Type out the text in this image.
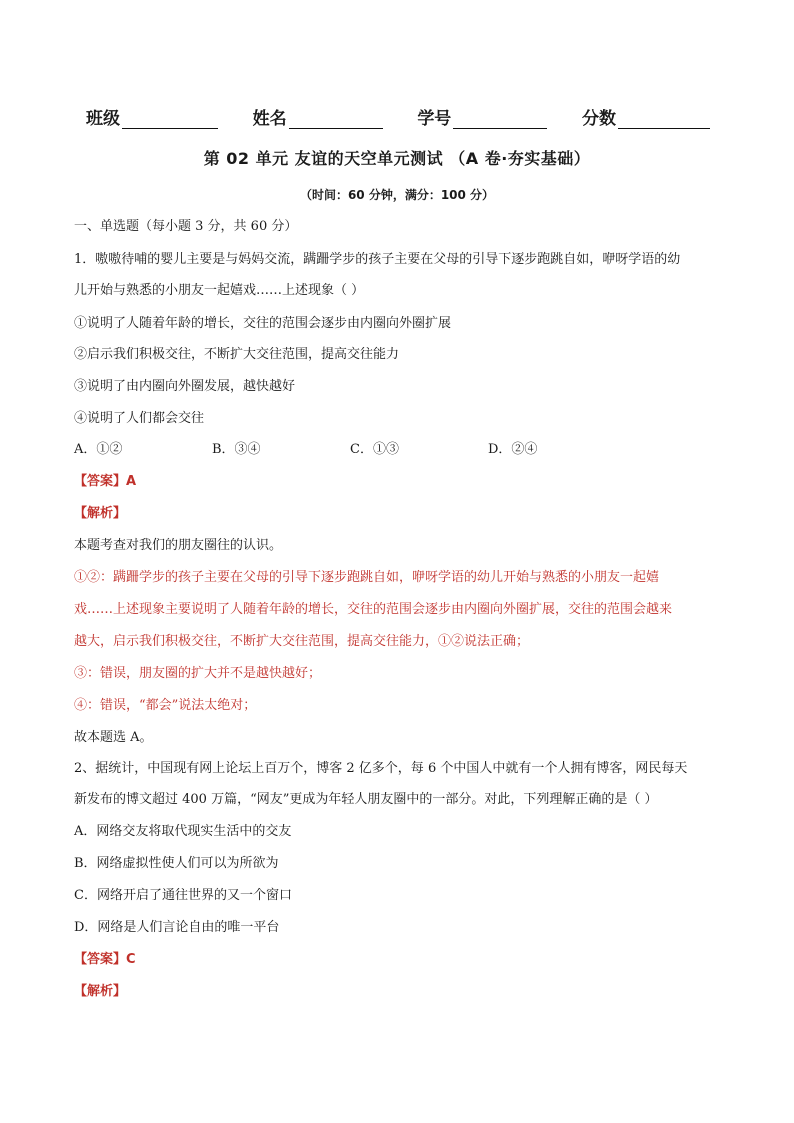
班级	姓名	学号	分数
第 02 单元 友谊的天空单元测试 （A 卷·夯实基础）
（时间：60 分钟，满分：100 分）
一、单选题（每小题 3 分，共 60 分）
1．嗷嗷待哺的婴儿主要是与妈妈交流，蹒跚学步的孩子主要在父母的引导下逐步跑跳自如，咿呀学语的幼
儿开始与熟悉的小朋友一起嬉戏……上述现象（ ）
①说明了人随着年龄的增长，交往的范围会逐步由内圈向外圈扩展
②启示我们积极交往，不断扩大交往范围，提高交往能力
③说明了由内圈向外圈发展，越快越好
④说明了人们都会交往
A．①②	B．③④	C．①③	D．②④
【答案】A
【解析】
本题考查对我们的朋友圈往的认识。
①②：蹒跚学步的孩子主要在父母的引导下逐步跑跳自如，咿呀学语的幼儿开始与熟悉的小朋友一起嬉
戏……上述现象主要说明了人随着年龄的增长，交往的范围会逐步由内圈向外圈扩展，交往的范围会越来
越大，启示我们积极交往，不断扩大交往范围，提高交往能力，①②说法正确；
③：错误，朋友圈的扩大并不是越快越好；
④：错误，“都会”说法太绝对；
故本题选 A。
2、据统计，中国现有网上论坛上百万个，博客 2 亿多个，每 6 个中国人中就有一个人拥有博客，网民每天
新发布的博文超过 400 万篇，“网友”更成为年轻人朋友圈中的一部分。对此，下列理解正确的是（ ）
A．网络交友将取代现实生活中的交友
B．网络虚拟性使人们可以为所欲为
C．网络开启了通往世界的又一个窗口
D．网络是人们言论自由的唯一平台
【答案】C
【解析】
